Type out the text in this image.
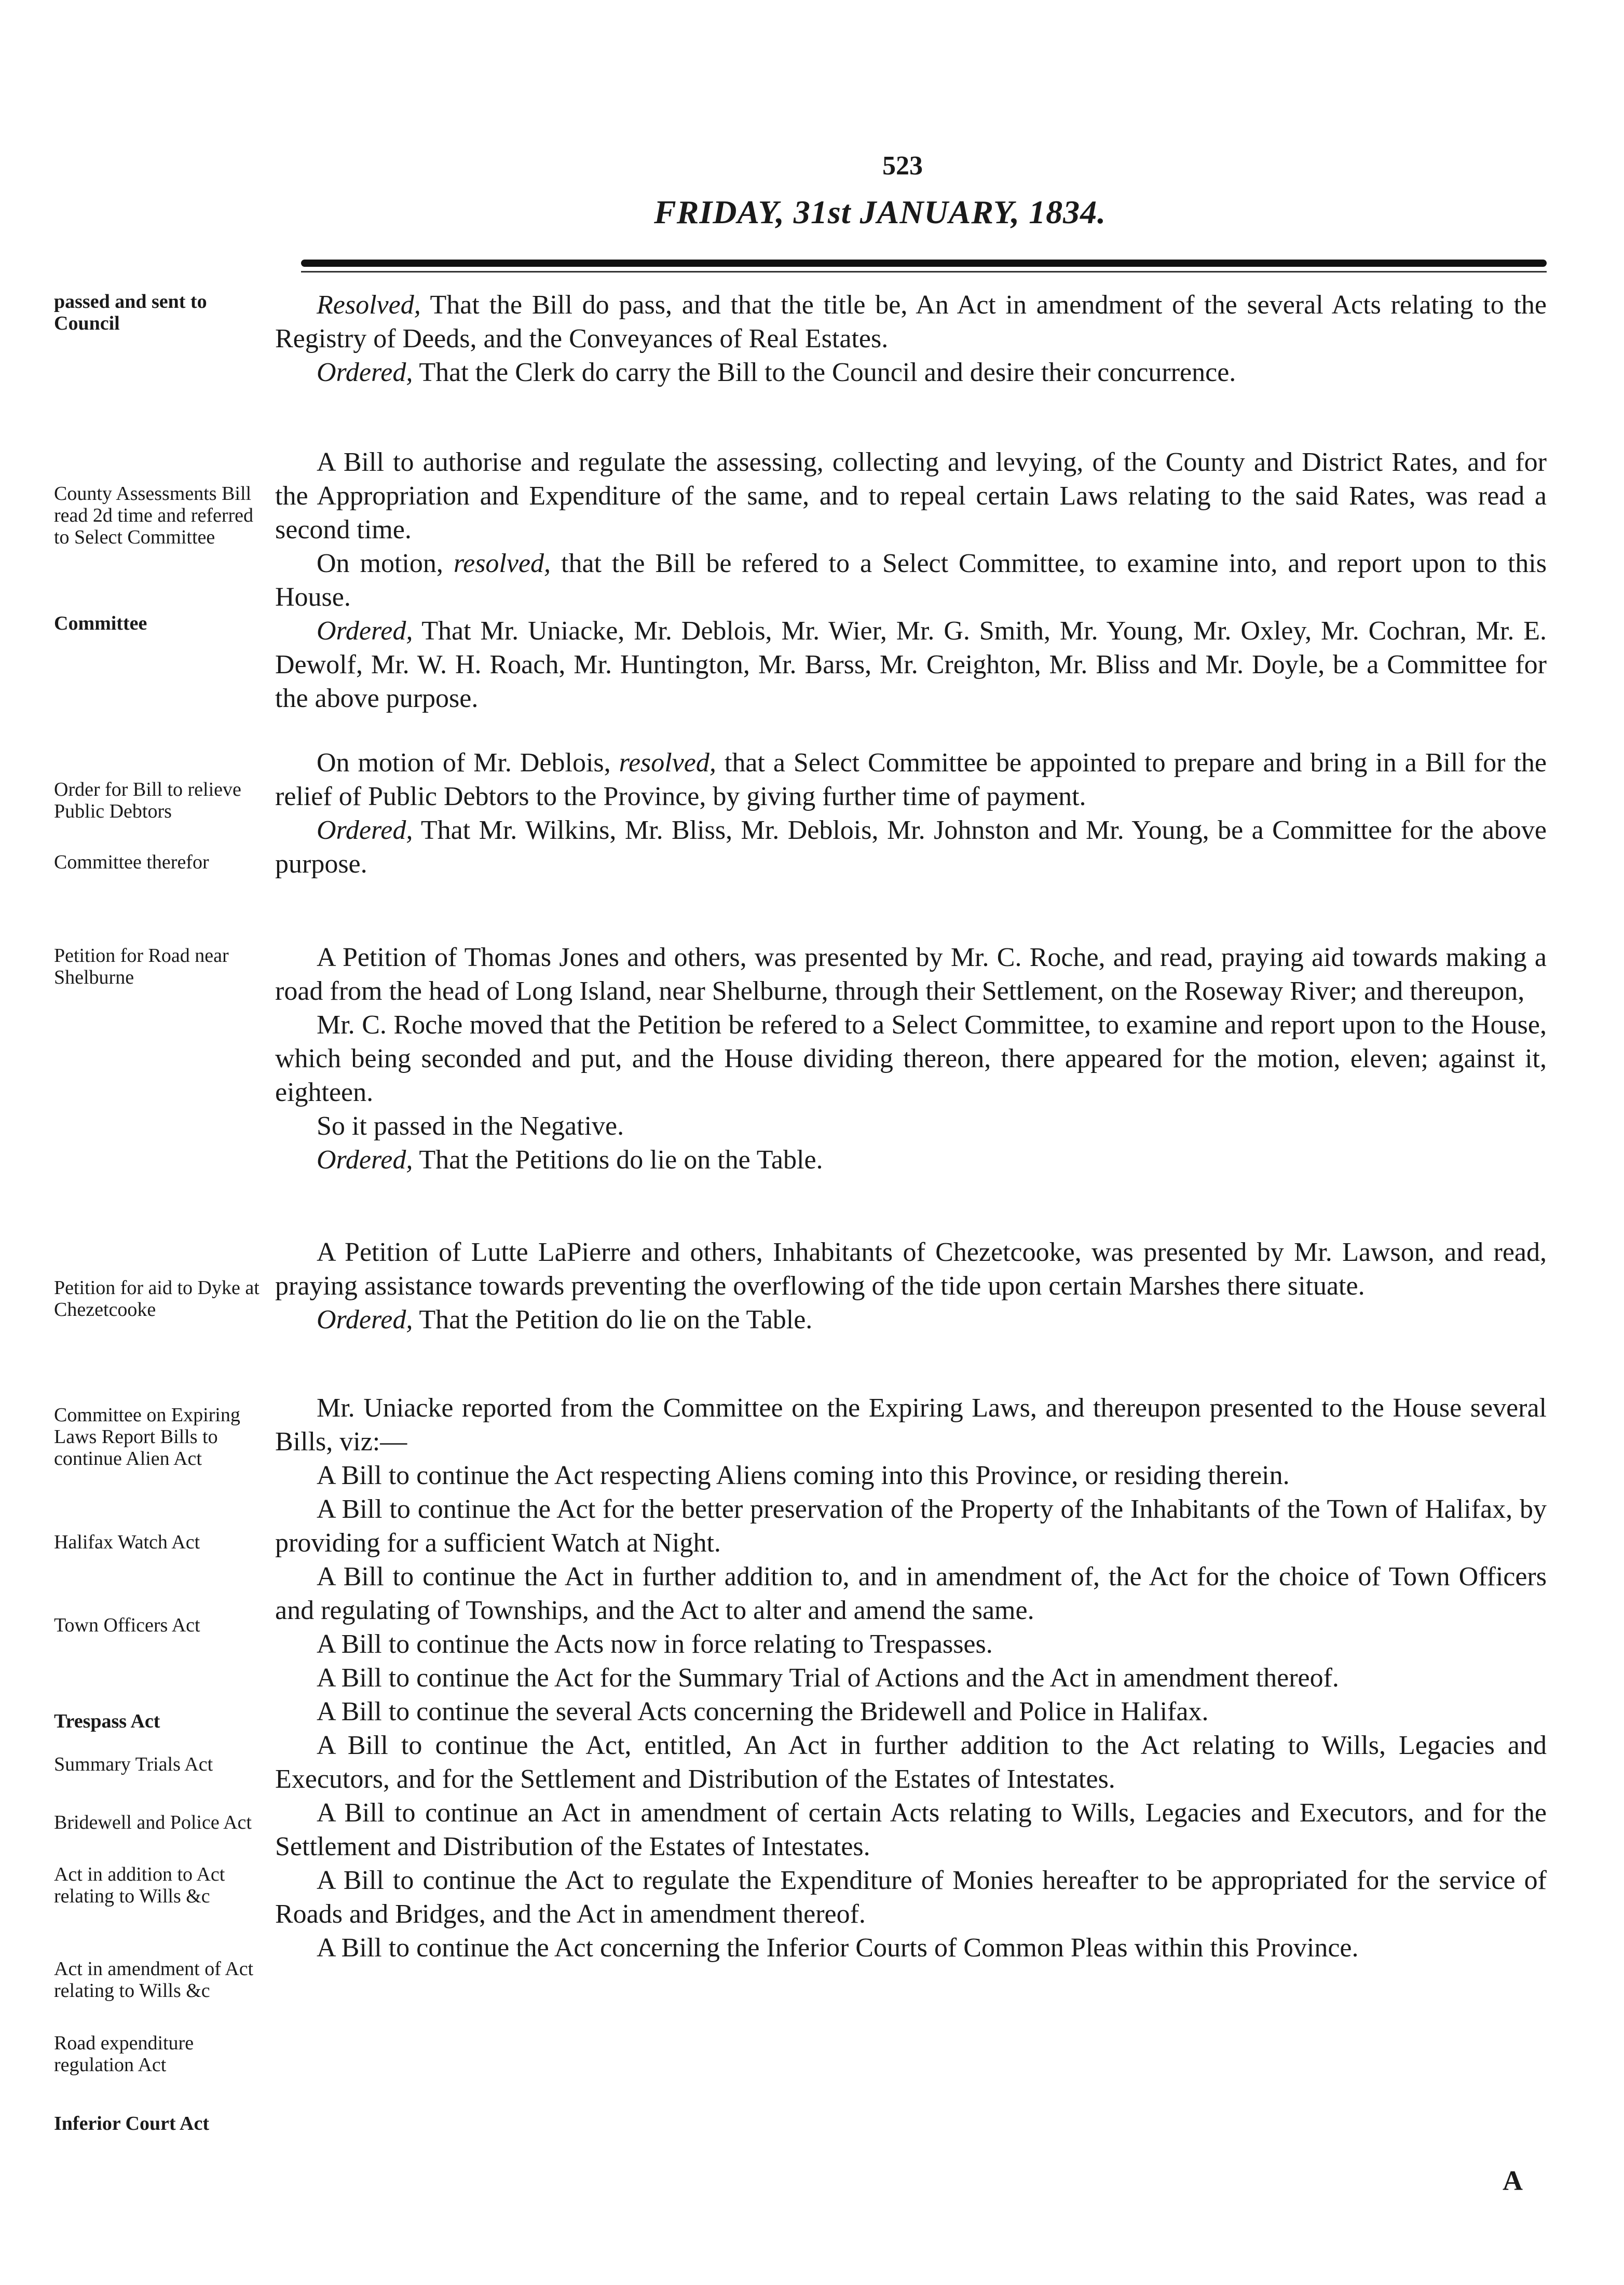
523
FRIDAY, 31st JANUARY, 1834.
passed and sent to Council
County Assessments Bill read 2d time and referred to Select Committee
Committee
Order for Bill to relieve Public Debtors
Committee therefor
Petition for Road near Shelburne
Petition for aid to Dyke at Chezetcooke
Committee on Expiring Laws Report Bills to continue Alien Act
Halifax Watch Act
Town Officers Act
Trespass Act
Summary Trials Act
Bridewell and Police Act
Act in addition to Act relating to Wills &c
Act in amendment of Act relating to Wills &c
Road expenditure regulation Act
Inferior Court Act
Resolved, That the Bill do pass, and that the title be, An Act in amendment of the several Acts relating to the Registry of Deeds, and the Conveyances of Real Estates.
Ordered, That the Clerk do carry the Bill to the Council and desire their concurrence.
A Bill to authorise and regulate the assessing, collecting and levying, of the County and District Rates, and for the Appropriation and Expenditure of the same, and to repeal certain Laws relating to the said Rates, was read a second time.
On motion, resolved, that the Bill be refered to a Select Committee, to examine into, and report upon to this House.
Ordered, That Mr. Uniacke, Mr. Deblois, Mr. Wier, Mr. G. Smith, Mr. Young, Mr. Oxley, Mr. Cochran, Mr. E. Dewolf, Mr. W. H. Roach, Mr. Huntington, Mr. Barss, Mr. Creighton, Mr. Bliss and Mr. Doyle, be a Committee for the above purpose.
On motion of Mr. Deblois, resolved, that a Select Committee be appointed to prepare and bring in a Bill for the relief of Public Debtors to the Province, by giving further time of payment.
Ordered, That Mr. Wilkins, Mr. Bliss, Mr. Deblois, Mr. Johnston and Mr. Young, be a Committee for the above purpose.
A Petition of Thomas Jones and others, was presented by Mr. C. Roche, and read, praying aid towards making a road from the head of Long Island, near Shelburne, through their Settlement, on the Roseway River; and thereupon,
Mr. C. Roche moved that the Petition be refered to a Select Committee, to examine and report upon to the House, which being seconded and put, and the House dividing thereon, there appeared for the motion, eleven; against it, eighteen.
So it passed in the Negative.
Ordered, That the Petitions do lie on the Table.
A Petition of Lutte LaPierre and others, Inhabitants of Chezetcooke, was presented by Mr. Lawson, and read, praying assistance towards preventing the overflowing of the tide upon certain Marshes there situate.
Ordered, That the Petition do lie on the Table.
Mr. Uniacke reported from the Committee on the Expiring Laws, and thereupon presented to the House several Bills, viz:—
A Bill to continue the Act respecting Aliens coming into this Province, or residing therein.
A Bill to continue the Act for the better preservation of the Property of the Inhabitants of the Town of Halifax, by providing for a sufficient Watch at Night.
A Bill to continue the Act in further addition to, and in amendment of, the Act for the choice of Town Officers and regulating of Townships, and the Act to alter and amend the same.
A Bill to continue the Acts now in force relating to Trespasses.
A Bill to continue the Act for the Summary Trial of Actions and the Act in amendment thereof.
A Bill to continue the several Acts concerning the Bridewell and Police in Halifax.
A Bill to continue the Act, entitled, An Act in further addition to the Act relating to Wills, Legacies and Executors, and for the Settlement and Distribution of the Estates of Intestates.
A Bill to continue an Act in amendment of certain Acts relating to Wills, Legacies and Executors, and for the Settlement and Distribution of the Estates of Intestates.
A Bill to continue the Act to regulate the Expenditure of Monies hereafter to be appropriated for the service of Roads and Bridges, and the Act in amendment thereof.
A Bill to continue the Act concerning the Inferior Courts of Common Pleas within this Province.
A
